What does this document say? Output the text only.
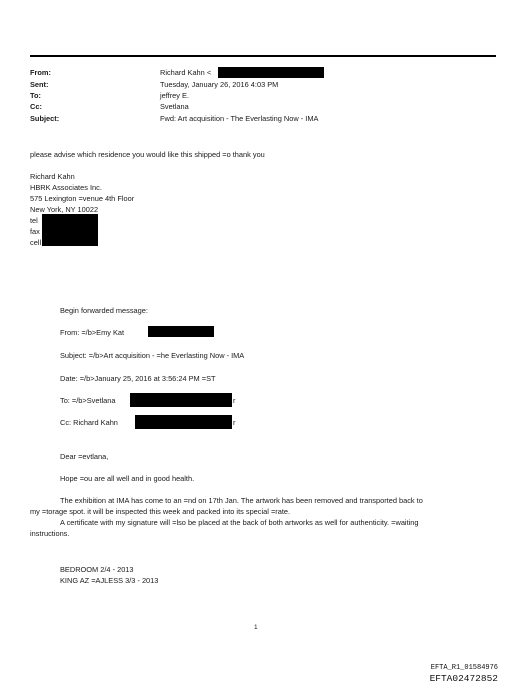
From:	Richard Kahn <
Sent:	Tuesday, January 26, 2016 4:03 PM
To:	jeffrey E.
Cc:	Svetlana
Subject:	Fwd: Art acquisition - The Everlasting Now - IMA
please advise which residence you would like this shipped =o thank you
Richard Kahn
HBRK Associates Inc.
575 Lexington =venue 4th Floor
New York, NY 10022
tel
fax
cell
Begin forwarded message:
From: =/b>Emy Kat
Subject: =/b>Art acquisition - =he Everlasting Now - IMA
Date: =/b>January 25, 2016 at 3:56:24 PM =ST
To: =/b>Svetlana	r
Cc: Richard Kahn	r
Dear =evtlana,
Hope =ou are all well and in good health.
The exhibition at IMA has come to an =nd on 17th Jan. The artwork has been removed and transported back to
my =torage spot. it will be inspected this week and packed into its special =rate.
A certificate with my signature will =lso be placed at the back of both artworks as well for authenticity. =waiting
instructions.
BEDROOM 2/4 - 2013
KING AZ =AJLESS 3/3 - 2013
1
EFTA_R1_01584976
EFTA02472852
